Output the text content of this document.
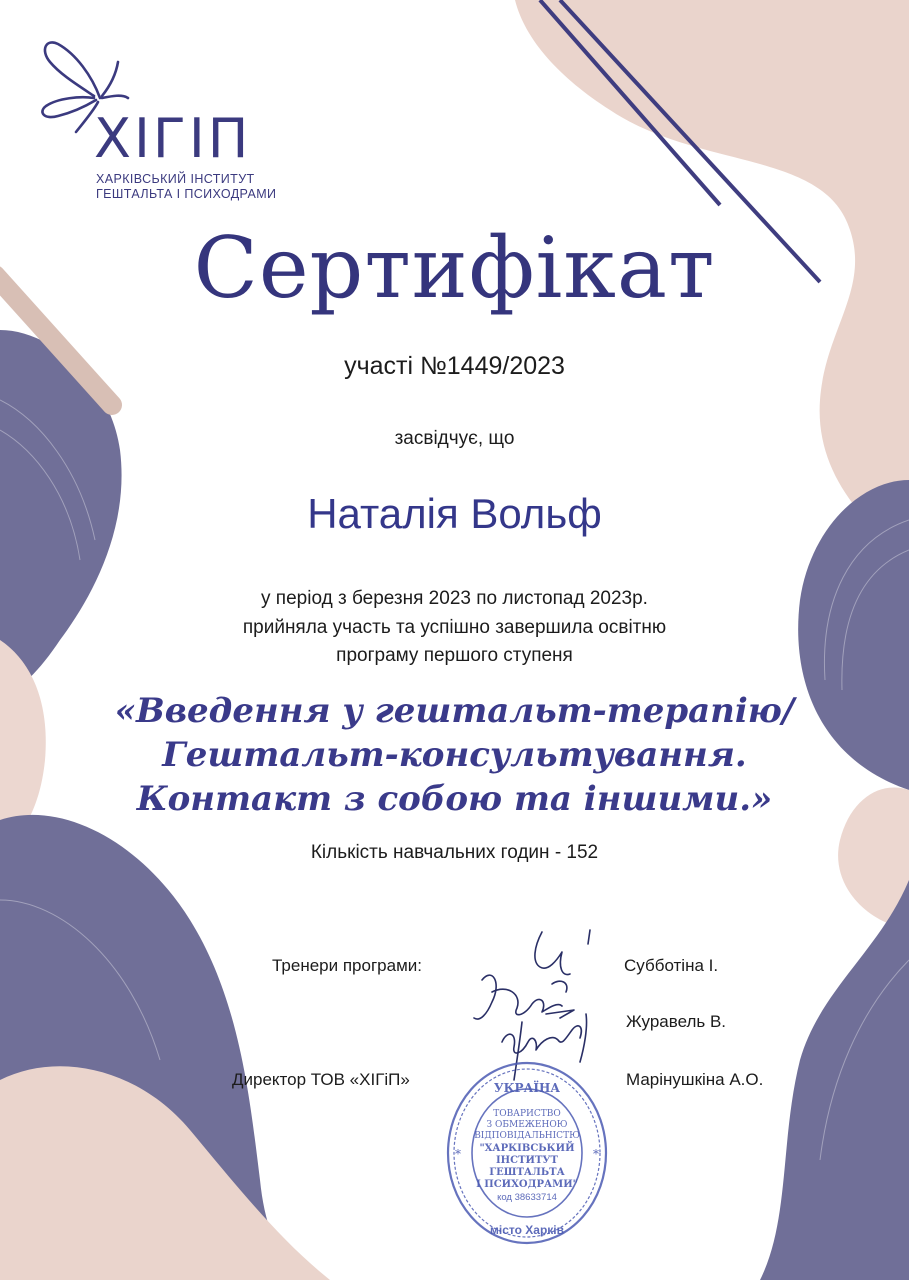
ХІГІП
ХАРКІВСЬКИЙ ІНСТИТУТ
ГЕШТАЛЬТА І ПСИХОДРАМИ
Сертифікат
участі №1449/2023
засвідчує, що
Наталія Вольф
у період з березня 2023 по листопад 2023р.
прийняла участь та успішно завершила освітню
програму першого ступеня
«Введення у гештальт-терапію/
Гештальт-консультування.
Контакт з собою та іншими.»
Кількість навчальних годин - 152
Тренери програми:
Директор ТОВ «ХІГіП»
Субботіна І.
Журавель В.
Марінушкіна А.О.
УКРАЇНА
ТОВАРИСТВО
З ОБМЕЖЕНОЮ
ВІДПОВІДАЛЬНІСТЮ
"ХАРКІВСЬКИЙ
ІНСТИТУТ
ГЕШТАЛЬТА
І ПСИХОДРАМИ"
код 38633714
місто Харків
*	*
